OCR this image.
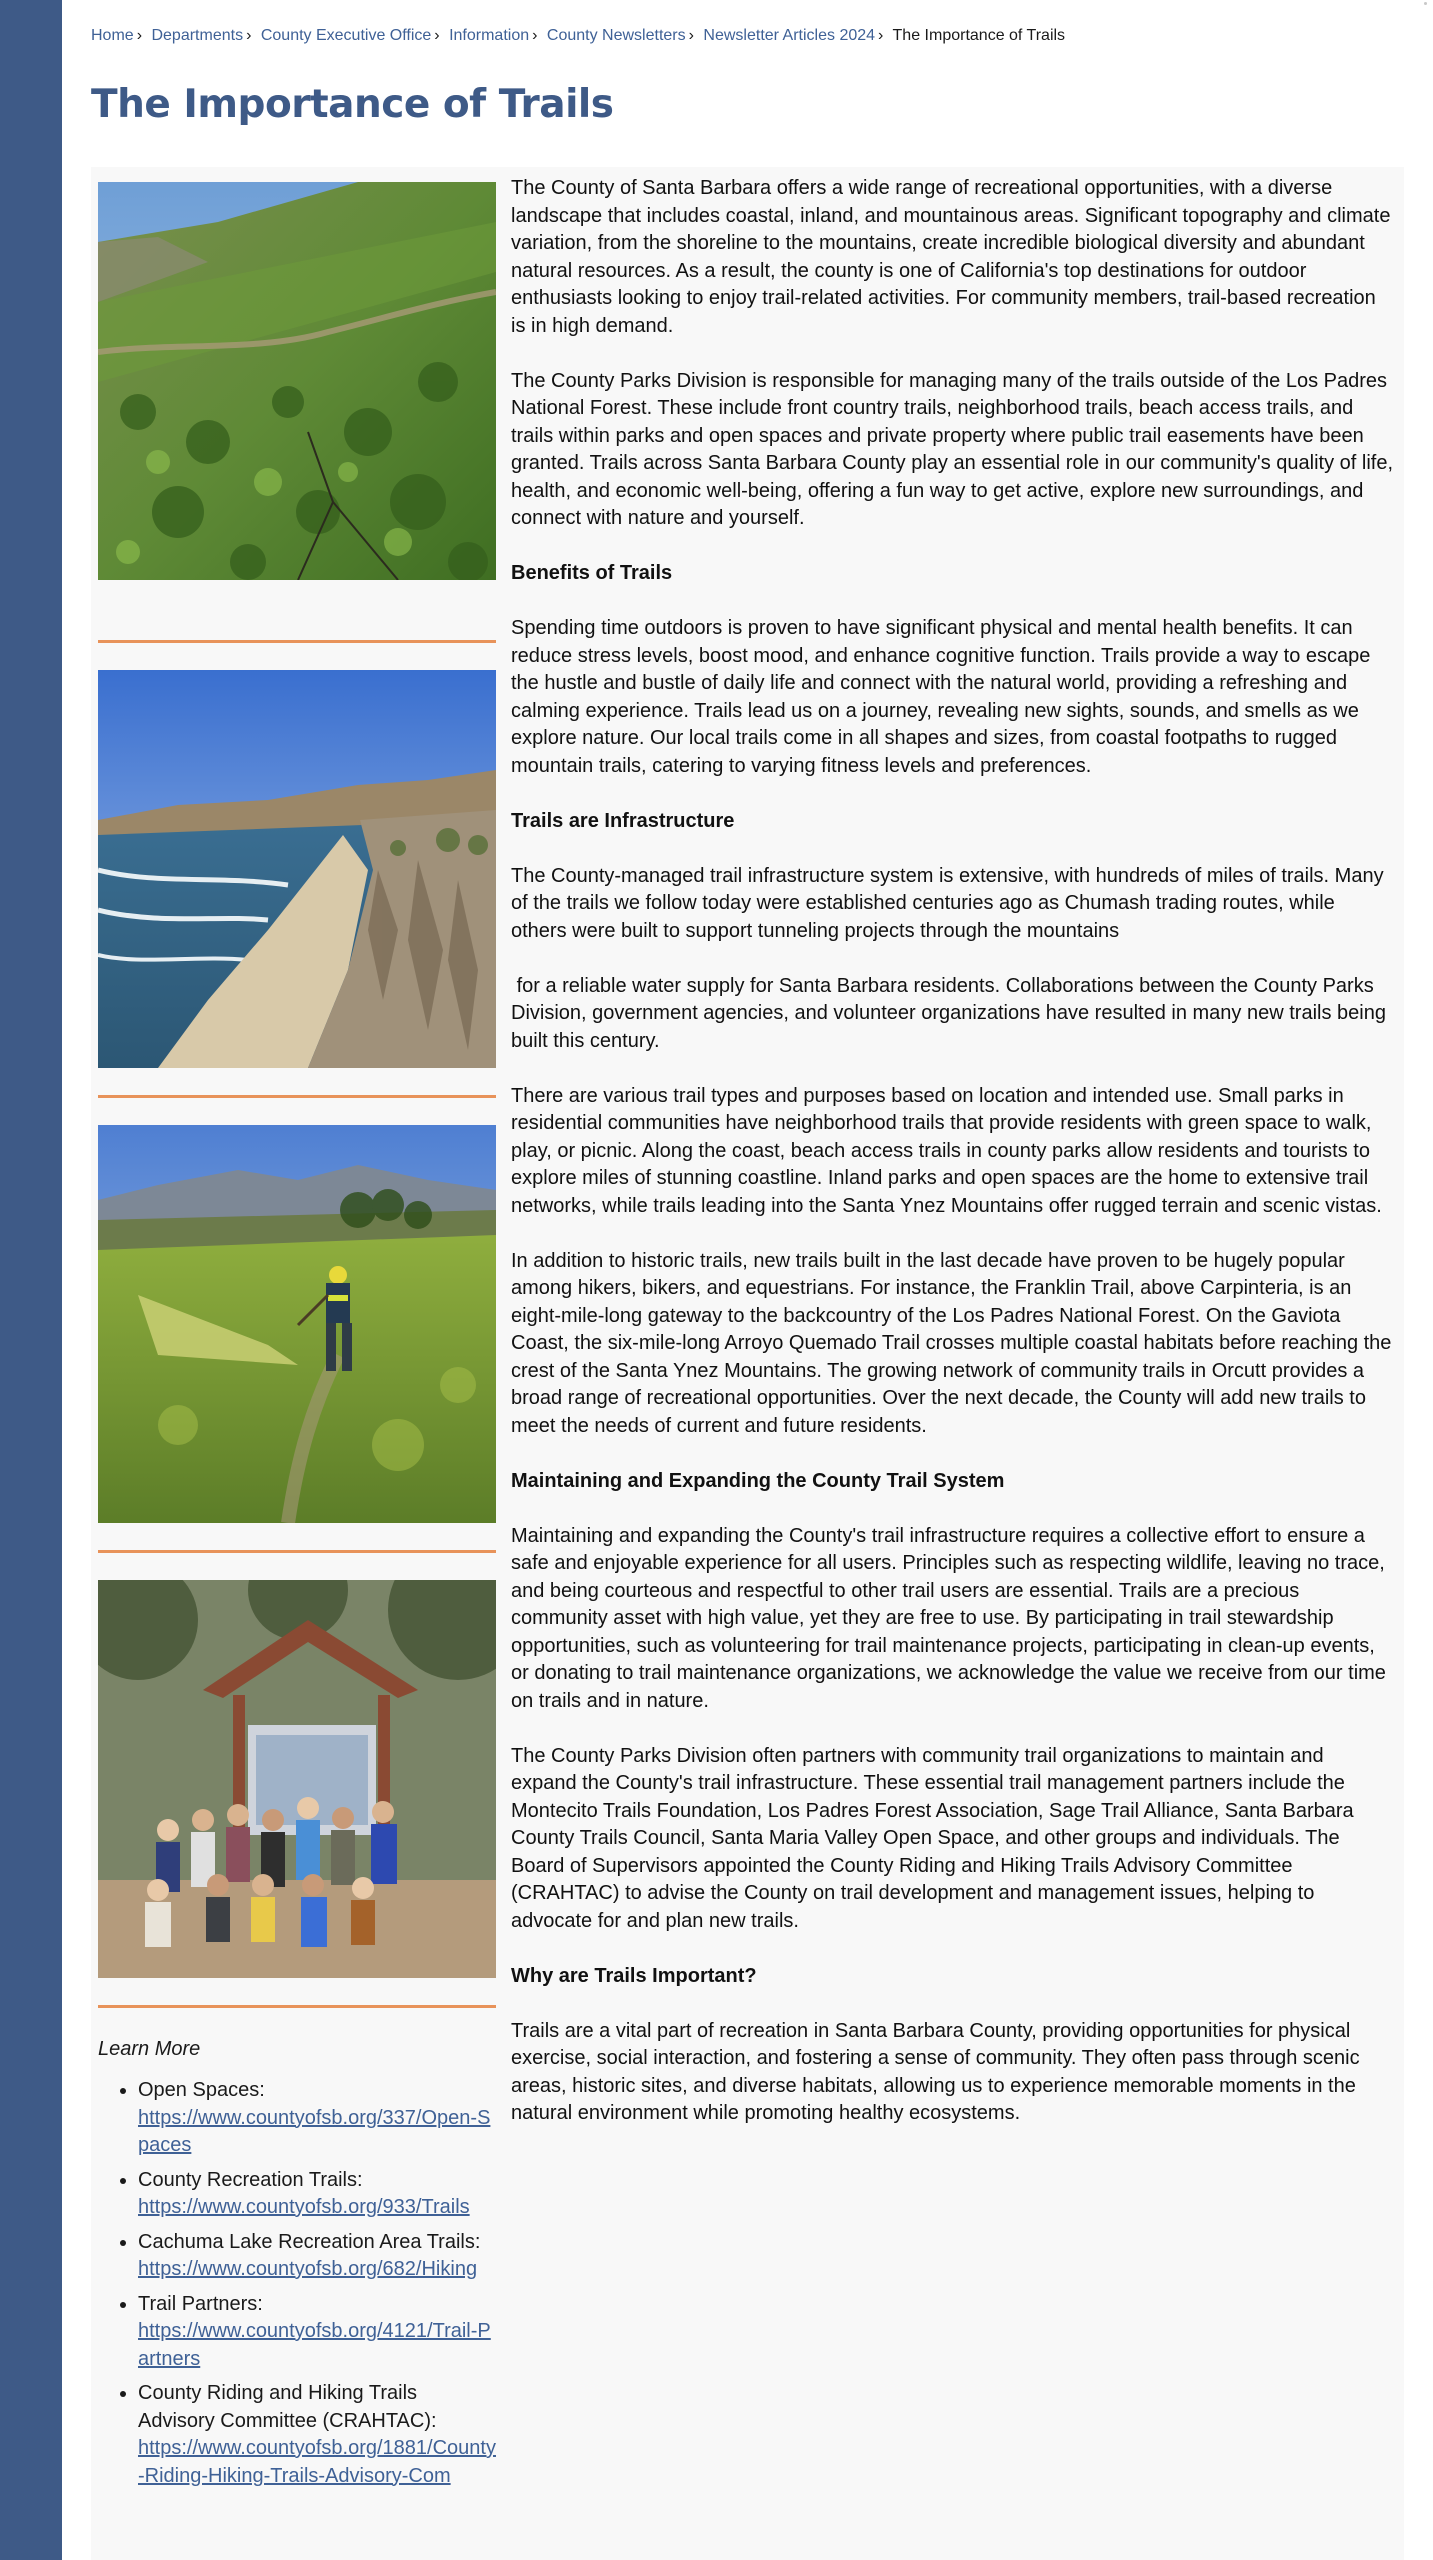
Home › Departments › County Executive Office › Information › County Newsletters › Newsletter Articles 2024 › The Importance of Trails
The Importance of Trails
Learn More
• Open Spaces:
https://www.countyofsb.org/337/Open-Spaces
• County Recreation Trails:
https://www.countyofsb.org/933/Trails
• Cachuma Lake Recreation Area Trails:
https://www.countyofsb.org/682/Hiking
• Trail Partners:
https://www.countyofsb.org/4121/Trail-Partners
• County Riding and Hiking Trails Advisory Committee (CRAHTAC):
https://www.countyofsb.org/1881/County-Riding-Hiking-Trails-Advisory-Com

The County of Santa Barbara offers a wide range of recreational opportunities, with a diverse landscape that includes coastal, inland, and mountainous areas. Significant topography and climate variation, from the shoreline to the mountains, create incredible biological diversity and abundant natural resources. As a result, the county is one of California's top destinations for outdoor enthusiasts looking to enjoy trail-related activities. For community members, trail-based recreation is in high demand.

The County Parks Division is responsible for managing many of the trails outside of the Los Padres National Forest. These include front country trails, neighborhood trails, beach access trails, and trails within parks and open spaces and private property where public trail easements have been granted. Trails across Santa Barbara County play an essential role in our community's quality of life, health, and economic well-being, offering a fun way to get active, explore new surroundings, and connect with nature and yourself.

Benefits of Trails

Spending time outdoors is proven to have significant physical and mental health benefits. It can reduce stress levels, boost mood, and enhance cognitive function. Trails provide a way to escape the hustle and bustle of daily life and connect with the natural world, providing a refreshing and calming experience. Trails lead us on a journey, revealing new sights, sounds, and smells as we explore nature. Our local trails come in all shapes and sizes, from coastal footpaths to rugged mountain trails, catering to varying fitness levels and preferences.

Trails are Infrastructure

The County-managed trail infrastructure system is extensive, with hundreds of miles of trails. Many of the trails we follow today were established centuries ago as Chumash trading routes, while others were built to support tunneling projects through the mountains

for a reliable water supply for Santa Barbara residents. Collaborations between the County Parks Division, government agencies, and volunteer organizations have resulted in many new trails being built this century.

There are various trail types and purposes based on location and intended use. Small parks in residential communities have neighborhood trails that provide residents with green space to walk, play, or picnic. Along the coast, beach access trails in county parks allow residents and tourists to explore miles of stunning coastline. Inland parks and open spaces are the home to extensive trail networks, while trails leading into the Santa Ynez Mountains offer rugged terrain and scenic vistas.

In addition to historic trails, new trails built in the last decade have proven to be hugely popular among hikers, bikers, and equestrians. For instance, the Franklin Trail, above Carpinteria, is an eight-mile-long gateway to the backcountry of the Los Padres National Forest. On the Gaviota Coast, the six-mile-long Arroyo Quemado Trail crosses multiple coastal habitats before reaching the crest of the Santa Ynez Mountains. The growing network of community trails in Orcutt provides a broad range of recreational opportunities. Over the next decade, the County will add new trails to meet the needs of current and future residents.

Maintaining and Expanding the County Trail System

Maintaining and expanding the County's trail infrastructure requires a collective effort to ensure a safe and enjoyable experience for all users. Principles such as respecting wildlife, leaving no trace, and being courteous and respectful to other trail users are essential. Trails are a precious community asset with high value, yet they are free to use. By participating in trail stewardship opportunities, such as volunteering for trail maintenance projects, participating in clean-up events, or donating to trail maintenance organizations, we acknowledge the value we receive from our time on trails and in nature.

The County Parks Division often partners with community trail organizations to maintain and expand the County's trail infrastructure. These essential trail management partners include the Montecito Trails Foundation, Los Padres Forest Association, Sage Trail Alliance, Santa Barbara County Trails Council, Santa Maria Valley Open Space, and other groups and individuals. The Board of Supervisors appointed the County Riding and Hiking Trails Advisory Committee (CRAHTAC) to advise the County on trail development and management issues, helping to advocate for and plan new trails.

Why are Trails Important?

Trails are a vital part of recreation in Santa Barbara County, providing opportunities for physical exercise, social interaction, and fostering a sense of community. They often pass through scenic areas, historic sites, and diverse habitats, allowing us to experience memorable moments in the natural environment while promoting healthy ecosystems.
